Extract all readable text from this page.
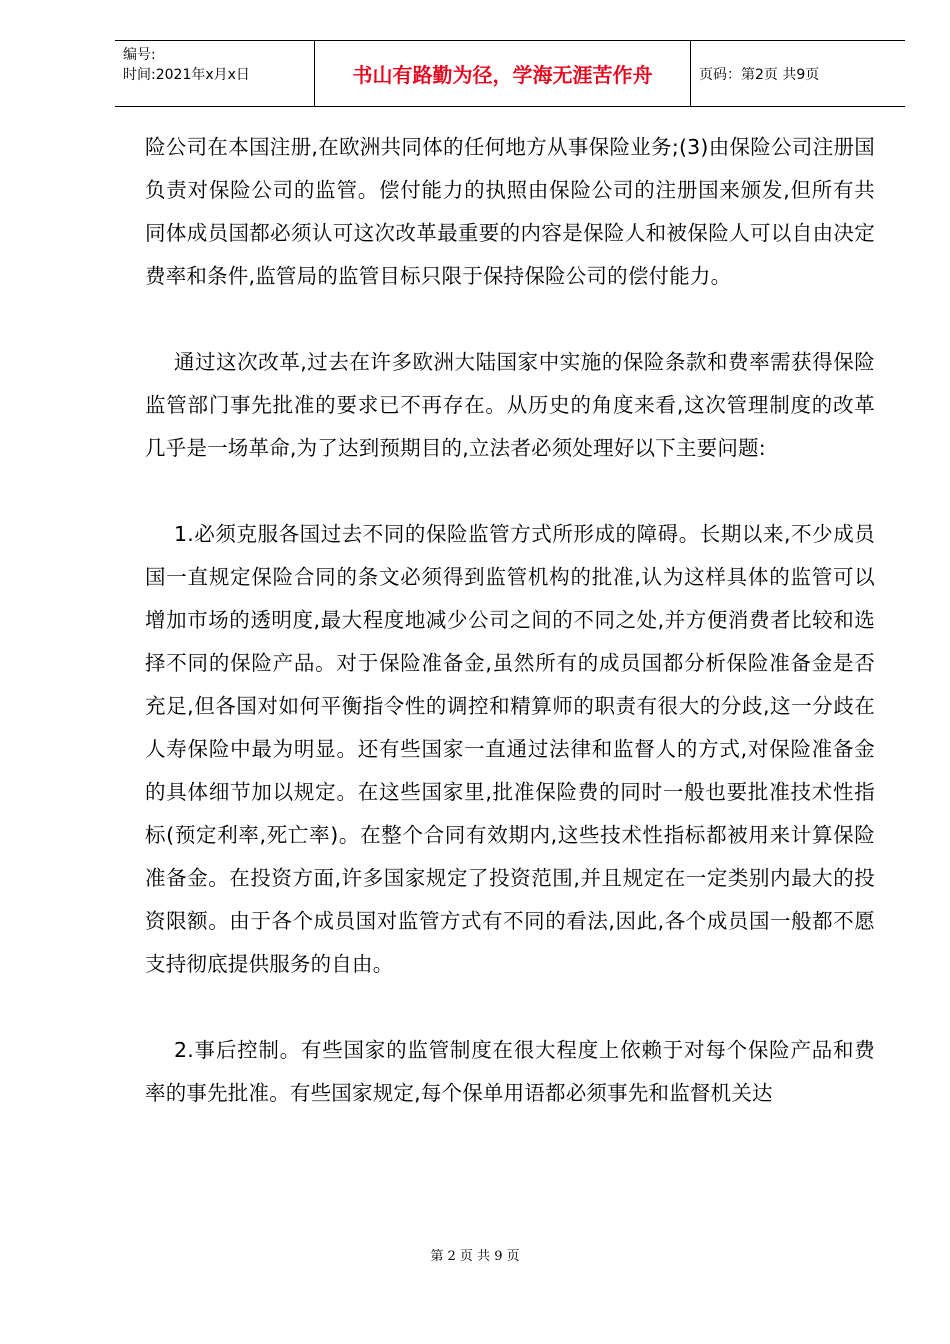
编号:
时间:2021年x月x日	书山有路勤为径，学海无涯苦作舟	页码：第2页 共9页

险公司在本国注册,在欧洲共同体的任何地方从事保险业务;(3)由保险公司注册国负责对保险公司的监管。偿付能力的执照由保险公司的注册国来颁发,但所有共同体成员国都必须认可这次改革最重要的内容是保险人和被保险人可以自由决定费率和条件,监管局的监管目标只限于保持保险公司的偿付能力。

通过这次改革,过去在许多欧洲大陆国家中实施的保险条款和费率需获得保险监管部门事先批准的要求已不再存在。从历史的角度来看,这次管理制度的改革几乎是一场革命,为了达到预期目的,立法者必须处理好以下主要问题:

1.必须克服各国过去不同的保险监管方式所形成的障碍。长期以来,不少成员国一直规定保险合同的条文必须得到监管机构的批准,认为这样具体的监管可以增加市场的透明度,最大程度地减少公司之间的不同之处,并方便消费者比较和选择不同的保险产品。对于保险准备金,虽然所有的成员国都分析保险准备金是否充足,但各国对如何平衡指令性的调控和精算师的职责有很大的分歧,这一分歧在人寿保险中最为明显。还有些国家一直通过法律和监督人的方式,对保险准备金的具体细节加以规定。在这些国家里,批准保险费的同时一般也要批准技术性指标(预定利率,死亡率)。在整个合同有效期内,这些技术性指标都被用来计算保险准备金。在投资方面,许多国家规定了投资范围,并且规定在一定类别内最大的投资限额。由于各个成员国对监管方式有不同的看法,因此,各个成员国一般都不愿支持彻底提供服务的自由。

2.事后控制。有些国家的监管制度在很大程度上依赖于对每个保险产品和费率的事先批准。有些国家规定,每个保单用语都必须事先和监督机关达

第 2 页 共 9 页
